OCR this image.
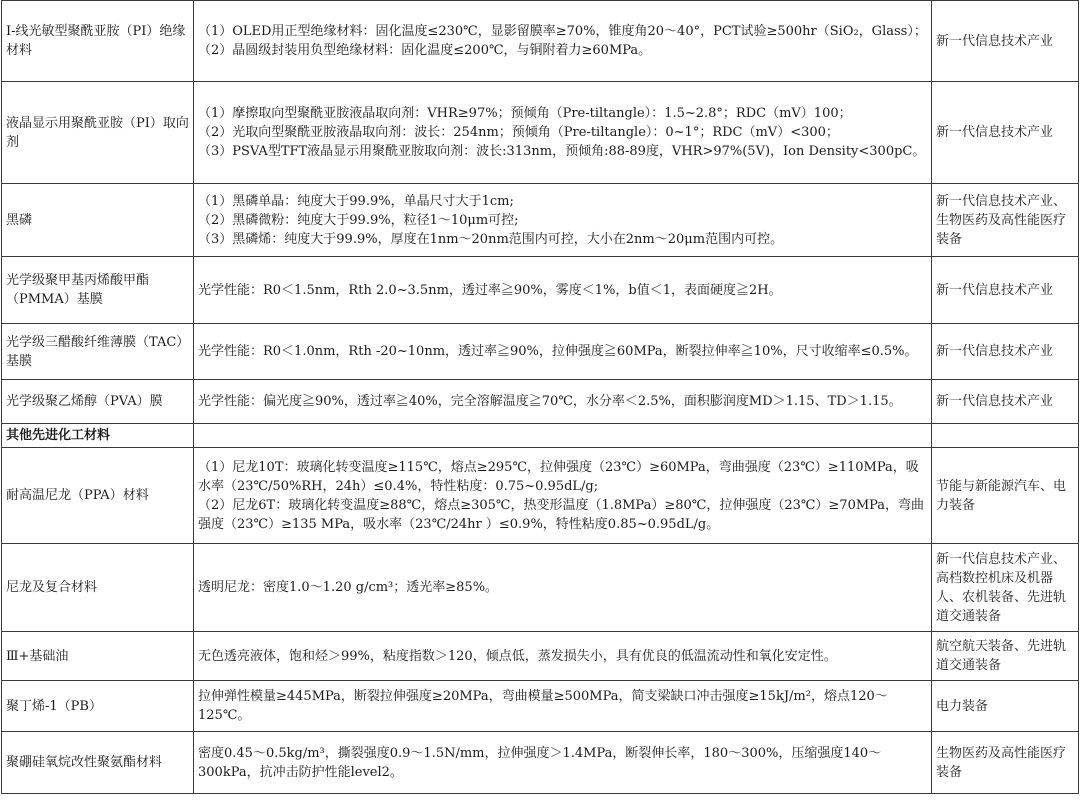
I-线光敏型聚酰亚胺（PI）绝缘材料	（1）OLED用正型绝缘材料：固化温度≤230℃，显影留膜率≥70%，锥度角20～40°，PCT试验≥500hr（SiO₂，Glass）；
（2）晶圆级封装用负型绝缘材料：固化温度≤200℃，与铜附着力≥60MPa。	新一代信息技术产业
液晶显示用聚酰亚胺（PI）取向剂	（1）摩擦取向型聚酰亚胺液晶取向剂：VHR≥97%；预倾角（Pre-tiltangle）：1.5~2.8°；RDC（mV）100；
（2）光取向型聚酰亚胺液晶取向剂：波长：254nm；预倾角（Pre-tiltangle）：0~1°；RDC（mV）<300；
（3）PSVA型TFT液晶显示用聚酰亚胺取向剂：波长:313nm，预倾角:88-89度，VHR>97%(5V)，Ion Density<300pC。	新一代信息技术产业
黑磷	（1）黑磷单晶：纯度大于99.9%，单晶尺寸大于1cm;
（2）黑磷微粉：纯度大于99.9%，粒径1～10μm可控;
（3）黑磷烯：纯度大于99.9%，厚度在1nm～20nm范围内可控，大小在2nm～20μm范围内可控。	新一代信息技术产业、生物医药及高性能医疗装备
光学级聚甲基丙烯酸甲酯（PMMA）基膜	光学性能：R0＜1.5nm，Rth 2.0~3.5nm，透过率≧90%，雾度＜1%，b值＜1，表面硬度≧2H。	新一代信息技术产业
光学级三醋酸纤维薄膜（TAC）基膜	光学性能：R0＜1.0nm，Rth -20~10nm，透过率≧90%，拉伸强度≧60MPa，断裂拉伸率≧10%，尺寸收缩率≤0.5%。	新一代信息技术产业
光学级聚乙烯醇（PVA）膜	光学性能：偏光度≧90%，透过率≧40%，完全溶解温度≧70℃，水分率＜2.5%，面积膨润度MD＞1.15、TD＞1.15。	新一代信息技术产业
其他先进化工材料		
耐高温尼龙（PPA）材料	（1）尼龙10T：玻璃化转变温度≥115℃，熔点≥295℃，拉伸强度（23℃）≥60MPa，弯曲强度（23℃）≥110MPa，吸水率（23℃/50%RH，24h）≤0.4%，特性粘度：0.75~0.95dL/g;
（2）尼龙6T：玻璃化转变温度≥88℃，熔点≥305℃，热变形温度（1.8MPa）≥80℃，拉伸强度（23℃）≥70MPa，弯曲强度（23℃）≥135 MPa，吸水率（23℃/24hr ）≤0.9%，特性粘度0.85~0.95dL/g。	节能与新能源汽车、电力装备
尼龙及复合材料	透明尼龙：密度1.0～1.20 g/cm³；透光率≥85%。	新一代信息技术产业、高档数控机床及机器人、农机装备、先进轨道交通装备
Ⅲ+基础油	无色透亮液体，饱和烃＞99%，粘度指数＞120，倾点低，蒸发损失小，具有优良的低温流动性和氧化安定性。	航空航天装备、先进轨道交通装备
聚丁烯-1（PB）	拉伸弹性模量≥445MPa，断裂拉伸强度≥20MPa，弯曲模量≥500MPa，简支梁缺口冲击强度≥15kJ/m²，熔点120～125℃。	电力装备
聚硼硅氧烷改性聚氨酯材料	密度0.45～0.5kg/m³，撕裂强度0.9～1.5N/mm，拉伸强度＞1.4MPa，断裂伸长率，180～300%，压缩强度140～300kPa，抗冲击防护性能level2。	生物医药及高性能医疗装备
